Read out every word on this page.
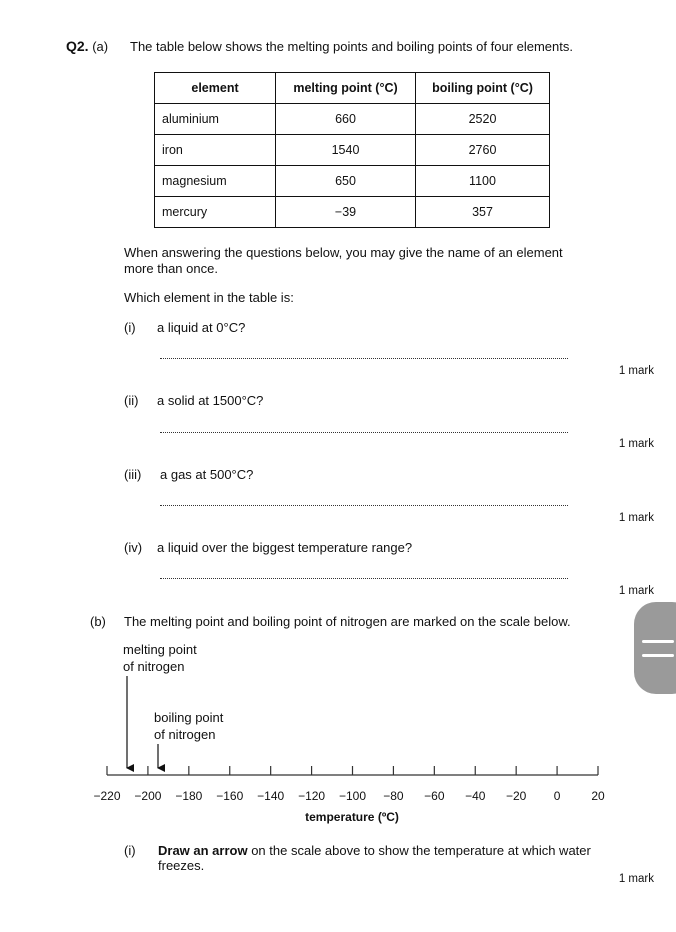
Q2. (a) The table below shows the melting points and boiling points of four elements.
element	melting point (°C)	boiling point (°C)
aluminium	660	2520
iron	1540	2760
magnesium	650	1100
mercury	−39	357
When answering the questions below, you may give the name of an element
more than once.
Which element in the table is:
(i) a liquid at 0°C?
1 mark
(ii) a solid at 1500°C?
1 mark
(iii) a gas at 500°C?
1 mark
(iv) a liquid over the biggest temperature range?
1 mark
(b) The melting point and boiling point of nitrogen are marked on the scale below.
melting point
of nitrogen
boiling point
of nitrogen
−220 −200 −180 −160 −140 −120 −100 −80 −60 −40 −20 0	20
temperature (ºC)
(i) Draw an arrow on the scale above to show the temperature at which water
freezes.
1 mark
